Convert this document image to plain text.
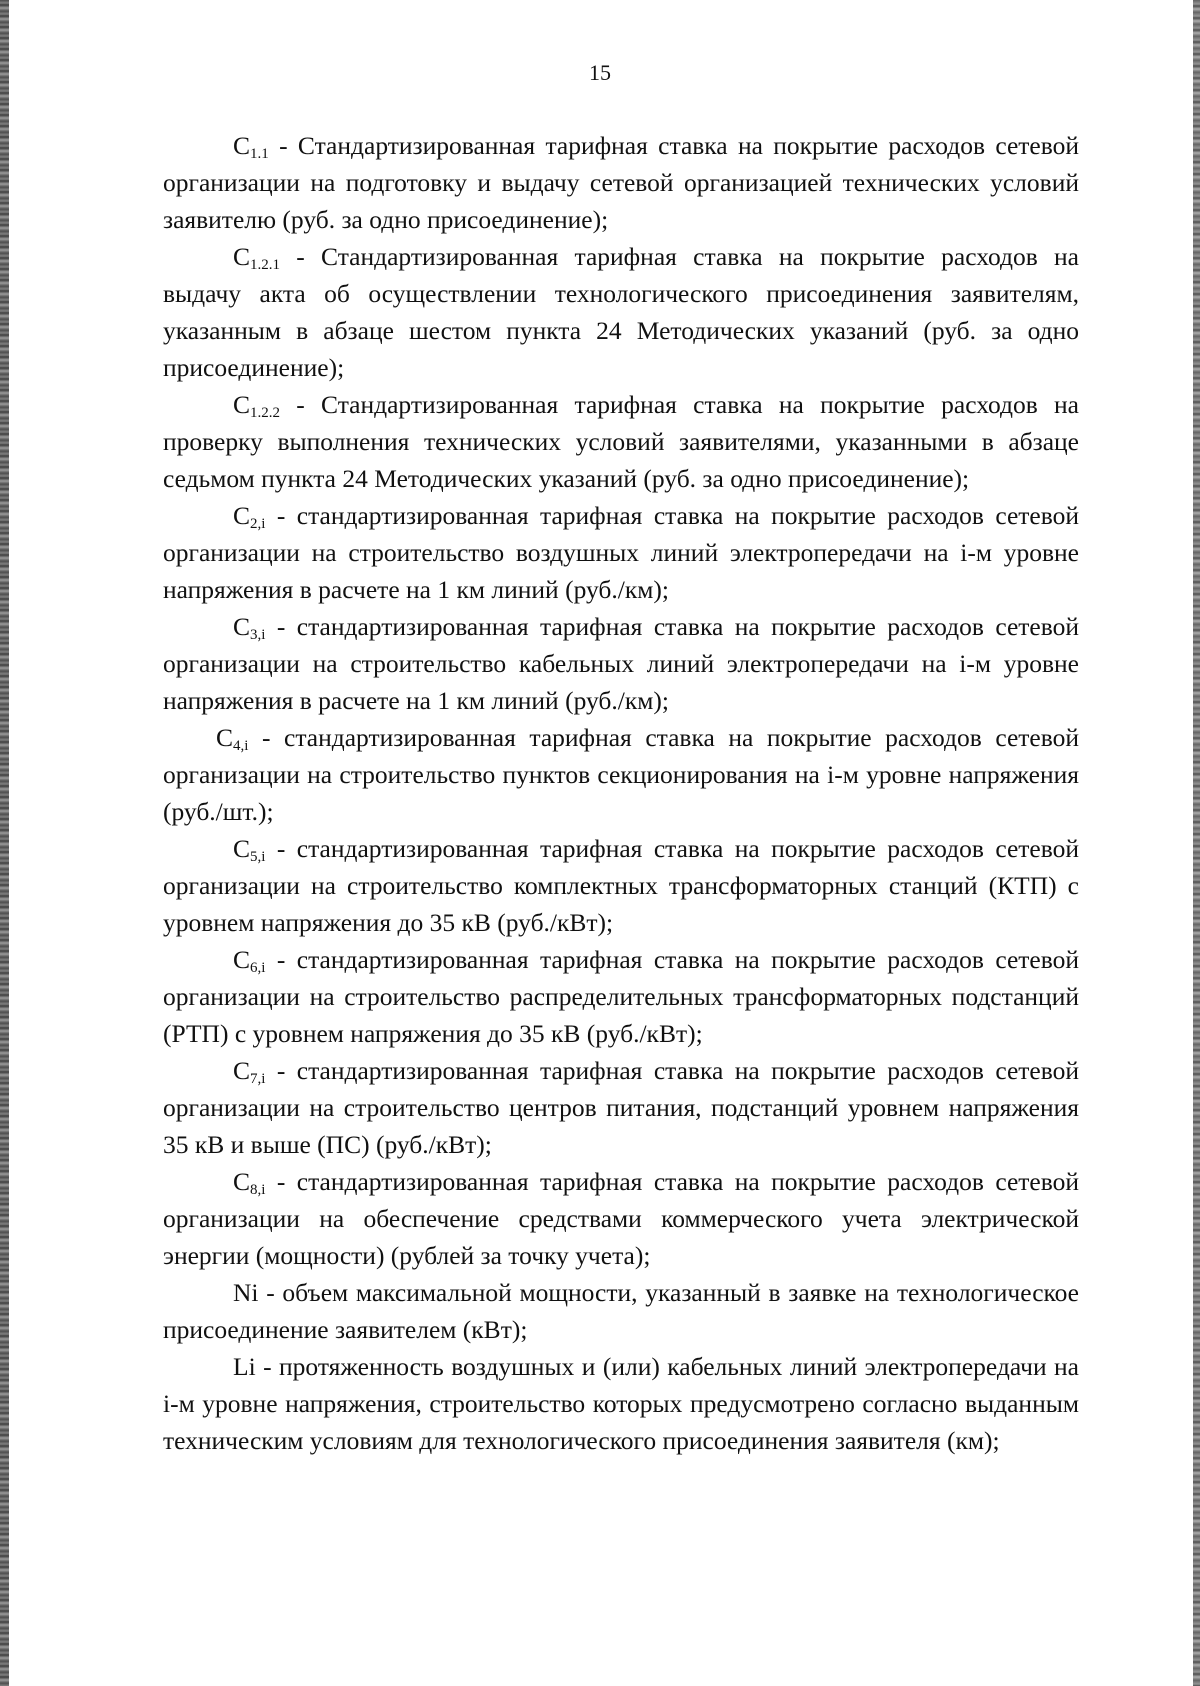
15

$C_{1.1}$ - Стандартизированная тарифная ставка на покрытие расходов сетевой организации на подготовку и выдачу сетевой организацией технических условий заявителю (руб. за одно присоединение);

$C_{1.2.1}$ - Стандартизированная тарифная ставка на покрытие расходов на выдачу акта об осуществлении технологического присоединения заявителям, указанным в абзаце шестом пункта 24 Методических указаний (руб. за одно присоединение);

$C_{1.2.2}$ - Стандартизированная тарифная ставка на покрытие расходов на проверку выполнения технических условий заявителями, указанными в абзаце седьмом пункта 24 Методических указаний (руб. за одно присоединение);

$C_{2,i}$ - стандартизированная тарифная ставка на покрытие расходов сетевой организации на строительство воздушных линий электропередачи на i-м уровне напряжения в расчете на 1 км линий (руб./км);

$C_{3,i}$ - стандартизированная тарифная ставка на покрытие расходов сетевой организации на строительство кабельных линий электропередачи на i-м уровне напряжения в расчете на 1 км линий (руб./км);

$C_{4,i}$ - стандартизированная тарифная ставка на покрытие расходов сетевой организации на строительство пунктов секционирования на i-м уровне напряжения (руб./шт.);

$C_{5,i}$ - стандартизированная тарифная ставка на покрытие расходов сетевой организации на строительство комплектных трансформаторных станций (КТП) с уровнем напряжения до 35 кВ (руб./кВт);

$C_{6,i}$ - стандартизированная тарифная ставка на покрытие расходов сетевой организации на строительство распределительных трансформаторных подстанций (РТП) с уровнем напряжения до 35 кВ (руб./кВт);

$C_{7,i}$ - стандартизированная тарифная ставка на покрытие расходов сетевой организации на строительство центров питания, подстанций уровнем напряжения 35 кВ и выше (ПС) (руб./кВт);

$C_{8,i}$ - стандартизированная тарифная ставка на покрытие расходов сетевой организации на обеспечение средствами коммерческого учета электрической энергии (мощности) (рублей за точку учета);

Ni - объем максимальной мощности, указанный в заявке на технологическое присоединение заявителем (кВт);

Li - протяженность воздушных и (или) кабельных линий электропередачи на i-м уровне напряжения, строительство которых предусмотрено согласно выданным техническим условиям для технологического присоединения заявителя (км);
